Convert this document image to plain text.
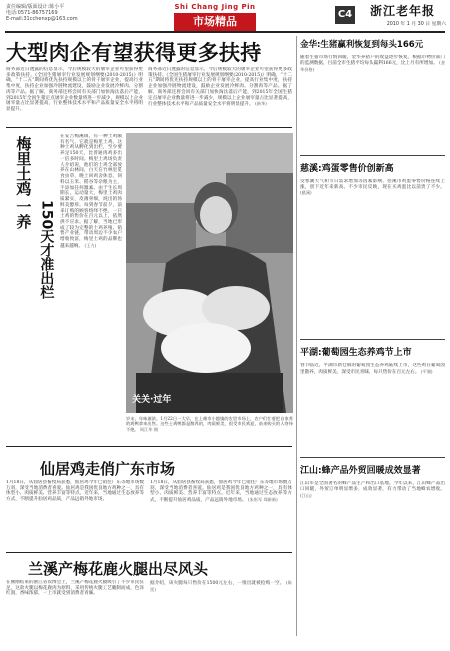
责任编辑/版面设计:陈小平
电话:0571-86757169
E-mail:31cchenxp@163.com
Shi Chang Jing Pin
市场精品
C4	浙江老年报
2010 年 1 月 30 日 星期六
大型肉企有望获得更多扶持
商务部近日透露的信息显示，今后规模较大的屠宰企业可望获得更多政策扶持。《全国生猪屠宰行业发展规划纲要(2010-2015)》明确，“十二五”期间将优先扶持规模以上的骨干屠宰企业，提高行业集中度，扶持企业加强冷链物流建设，鼓励企业发展冷鲜肉、分割肉等产品。据了解，商务部还将会同有关部门加快淘汰落后产能，到2015年全国生猪定点屠宰企业数量将进一步减少，规模以上企业屠宰量占比显著提高，行业整体技术水平和产品质量安全水平将明显提升。
商务部近日透露的信息显示，今后规模较大的屠宰企业可望获得更多政策扶持。《全国生猪屠宰行业发展规划纲要(2010-2015)》明确，“十二五”期间将优先扶持规模以上的骨干屠宰企业，提高行业集中度，扶持企业加强冷链物流建设，鼓励企业发展冷鲜肉、分割肉等产品。据了解，商务部还将会同有关部门加快淘汰落后产能，到2015年全国生猪定点屠宰企业数量将进一步减少，规模以上企业屠宰量占比显著提高，行业整体技术水平和产品质量安全水平将明显提升。 (新华)
梅里土鸡
一养 150天才准出栏
在安吉梅溪镇，有一种土鸡颇有名气，它就是梅里土鸡。这种土鸡从孵化到出栏，至少要养足150天，比普通肉鸡多出一倍多时间。梅里土鸡场负责人介绍说，他们的土鸡全部放养在山林间，白天在竹林里觅食虫草，晚上回鸡舍休息，饲料以玉米、稻谷等杂粮为主，不添加任何激素。由于生长周期长，运动量大，梅里土鸡肉质紧实，皮薄骨细，炖出的汤鲜美醇厚。每到春节前夕，前来订购的顾客络绎不绝，一只土鸡的售价在百元以上，依然供不应求。据了解，当地已形成了较为完整的土鸡养殖、销售产业链，带动周边不少农户增收致富，梅里土鸡的品牌也越来越响。 (王力)
关关·过年
岁末，年味渐浓。1月22日一大早，在上虞市小越镇的农贸市场上，农户们忙着把自家养的鸡鸭拿来出售。这些土鸡鸭都是散养的，肉质鲜美，很受市民欢迎，前来购买的人络绎不绝。 周江华 摄
仙居鸡走俏广东市场
1月18日，从仙居县畜牧局获悉，仙居鸡今年已销往广东等地市场数万羽，深受当地消费者喜爱。仙居鸡是我国优良地方鸡种之一，具有体型小、肉质鲜美、营养丰富等特点。近年来，当地通过生态放养等方式，不断提升仙居鸡品质，产品远销外地市场。
1月18日，从仙居县畜牧局获悉，仙居鸡今年已销往广东等地市场数万羽，深受当地消费者喜爱。仙居鸡是我国优良地方鸡种之一，具有体型小、肉质鲜美、营养丰富等特点。近年来，当地通过生态放养等方式，不断提升仙居鸡品质，产品远销外地市场。 (朱彤军 郑新新)
兰溪产梅花鹿火腿出尽风头
在刚刚结束的浙江省农博会上，兰溪产梅花鹿火腿吸引了不少市民驻足。这款火腿以梅花鹿肉为原料，采用传统火腿工艺腌制而成，色泽红润，香味浓郁，一上市就受到消费者青睐。
据介绍，该火腿每只售价在1500元左右，一推出就被抢购一空。 (陈 雷)
金华:生猪赢利恢复到每头166元
随着生猪市场行情回暖，金华养猪户的收益逐步恢复。根据市物价部门的监测数据，目前全市生猪平均每头赢利166元，比上月有所增加。 (金华价格)
慈溪:鸡蛋零售价创新高
受寒潮天气和节日需求增加等因素影响，慈溪市鸡蛋零售价格连续上涨，创下近年来新高。不少市民反映，现在买鸡蛋比以前贵了不少。 (慈溪)
平湖:葡萄园生态养鸡节上市
春节临近，平湖市新仓镇的葡萄园生态养鸡陆续上市，这些鸡在葡萄园里散养，肉质鲜美，深受市民青睐，每只售价在百元左右。 (平湖)
江山:蜂产品外贸回暖成效显著
江山市是全国著名的蜂产品生产和出口基地。今年以来，江山蜂产品出口回暖，外贸订单明显增多，成效显著，有力带动了当地蜂农增收。 (江山)
